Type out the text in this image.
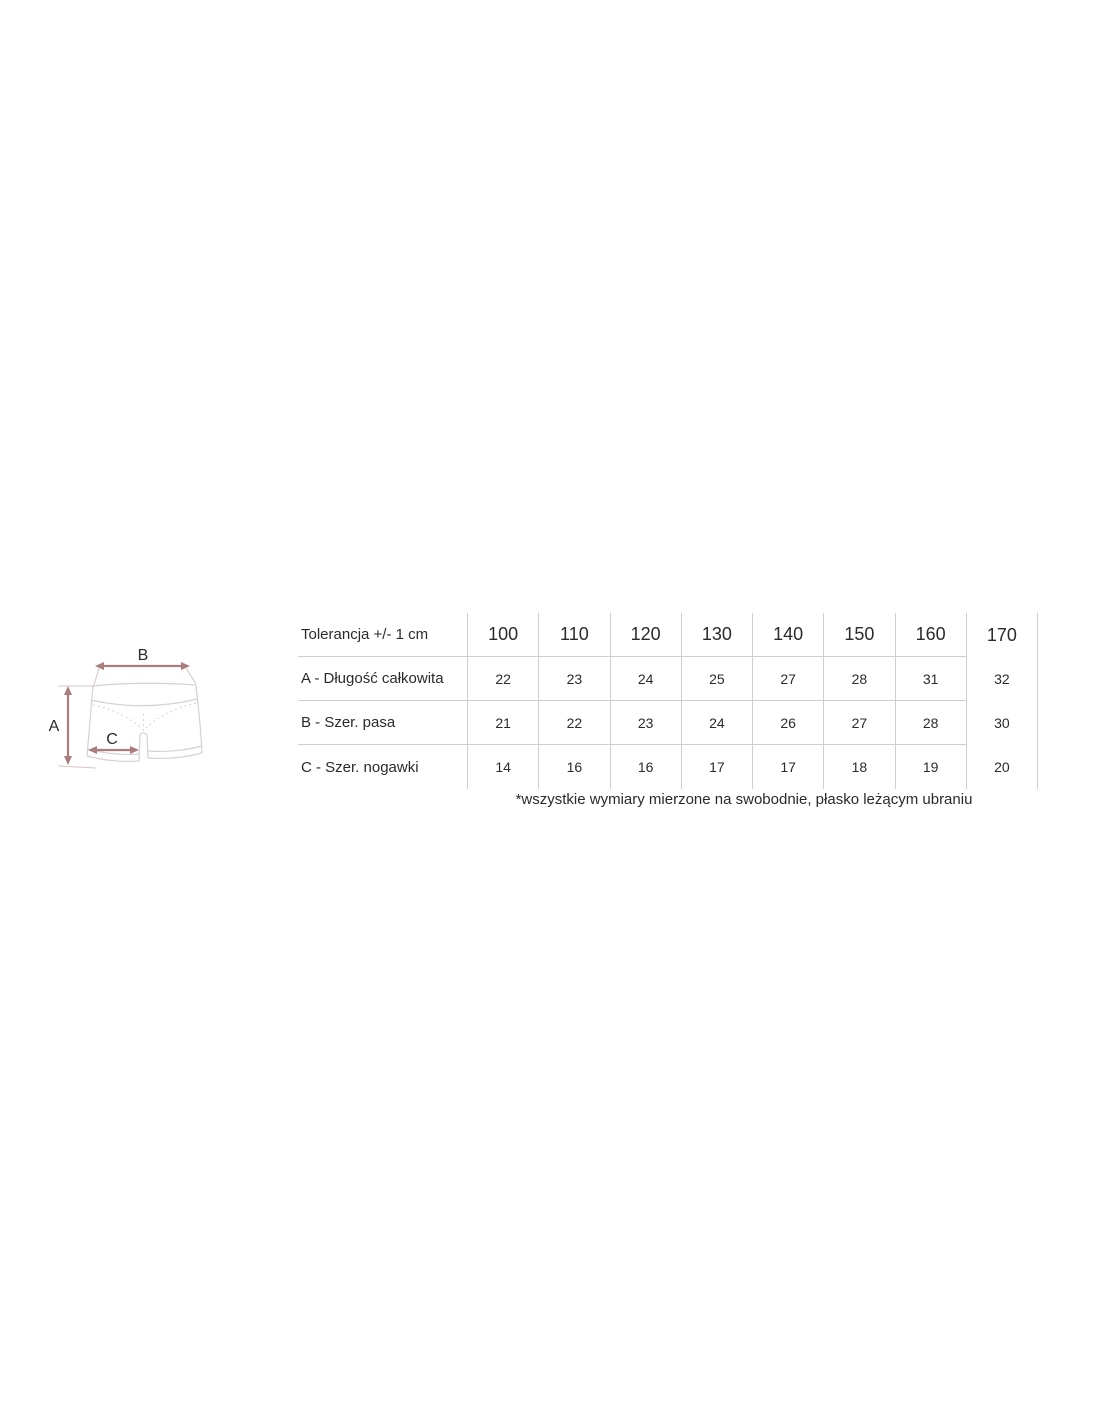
A
B
C
Tolerancja +/- 1 cm	100	110	120	130	140	150	160	170
A - Długość całkowita	22	23	24	25	27	28	31	32
B - Szer. pasa	21	22	23	24	26	27	28	30
C - Szer. nogawki	14	16	16	17	17	18	19	20
*wszystkie wymiary mierzone na swobodnie, płasko leżącym ubraniu
